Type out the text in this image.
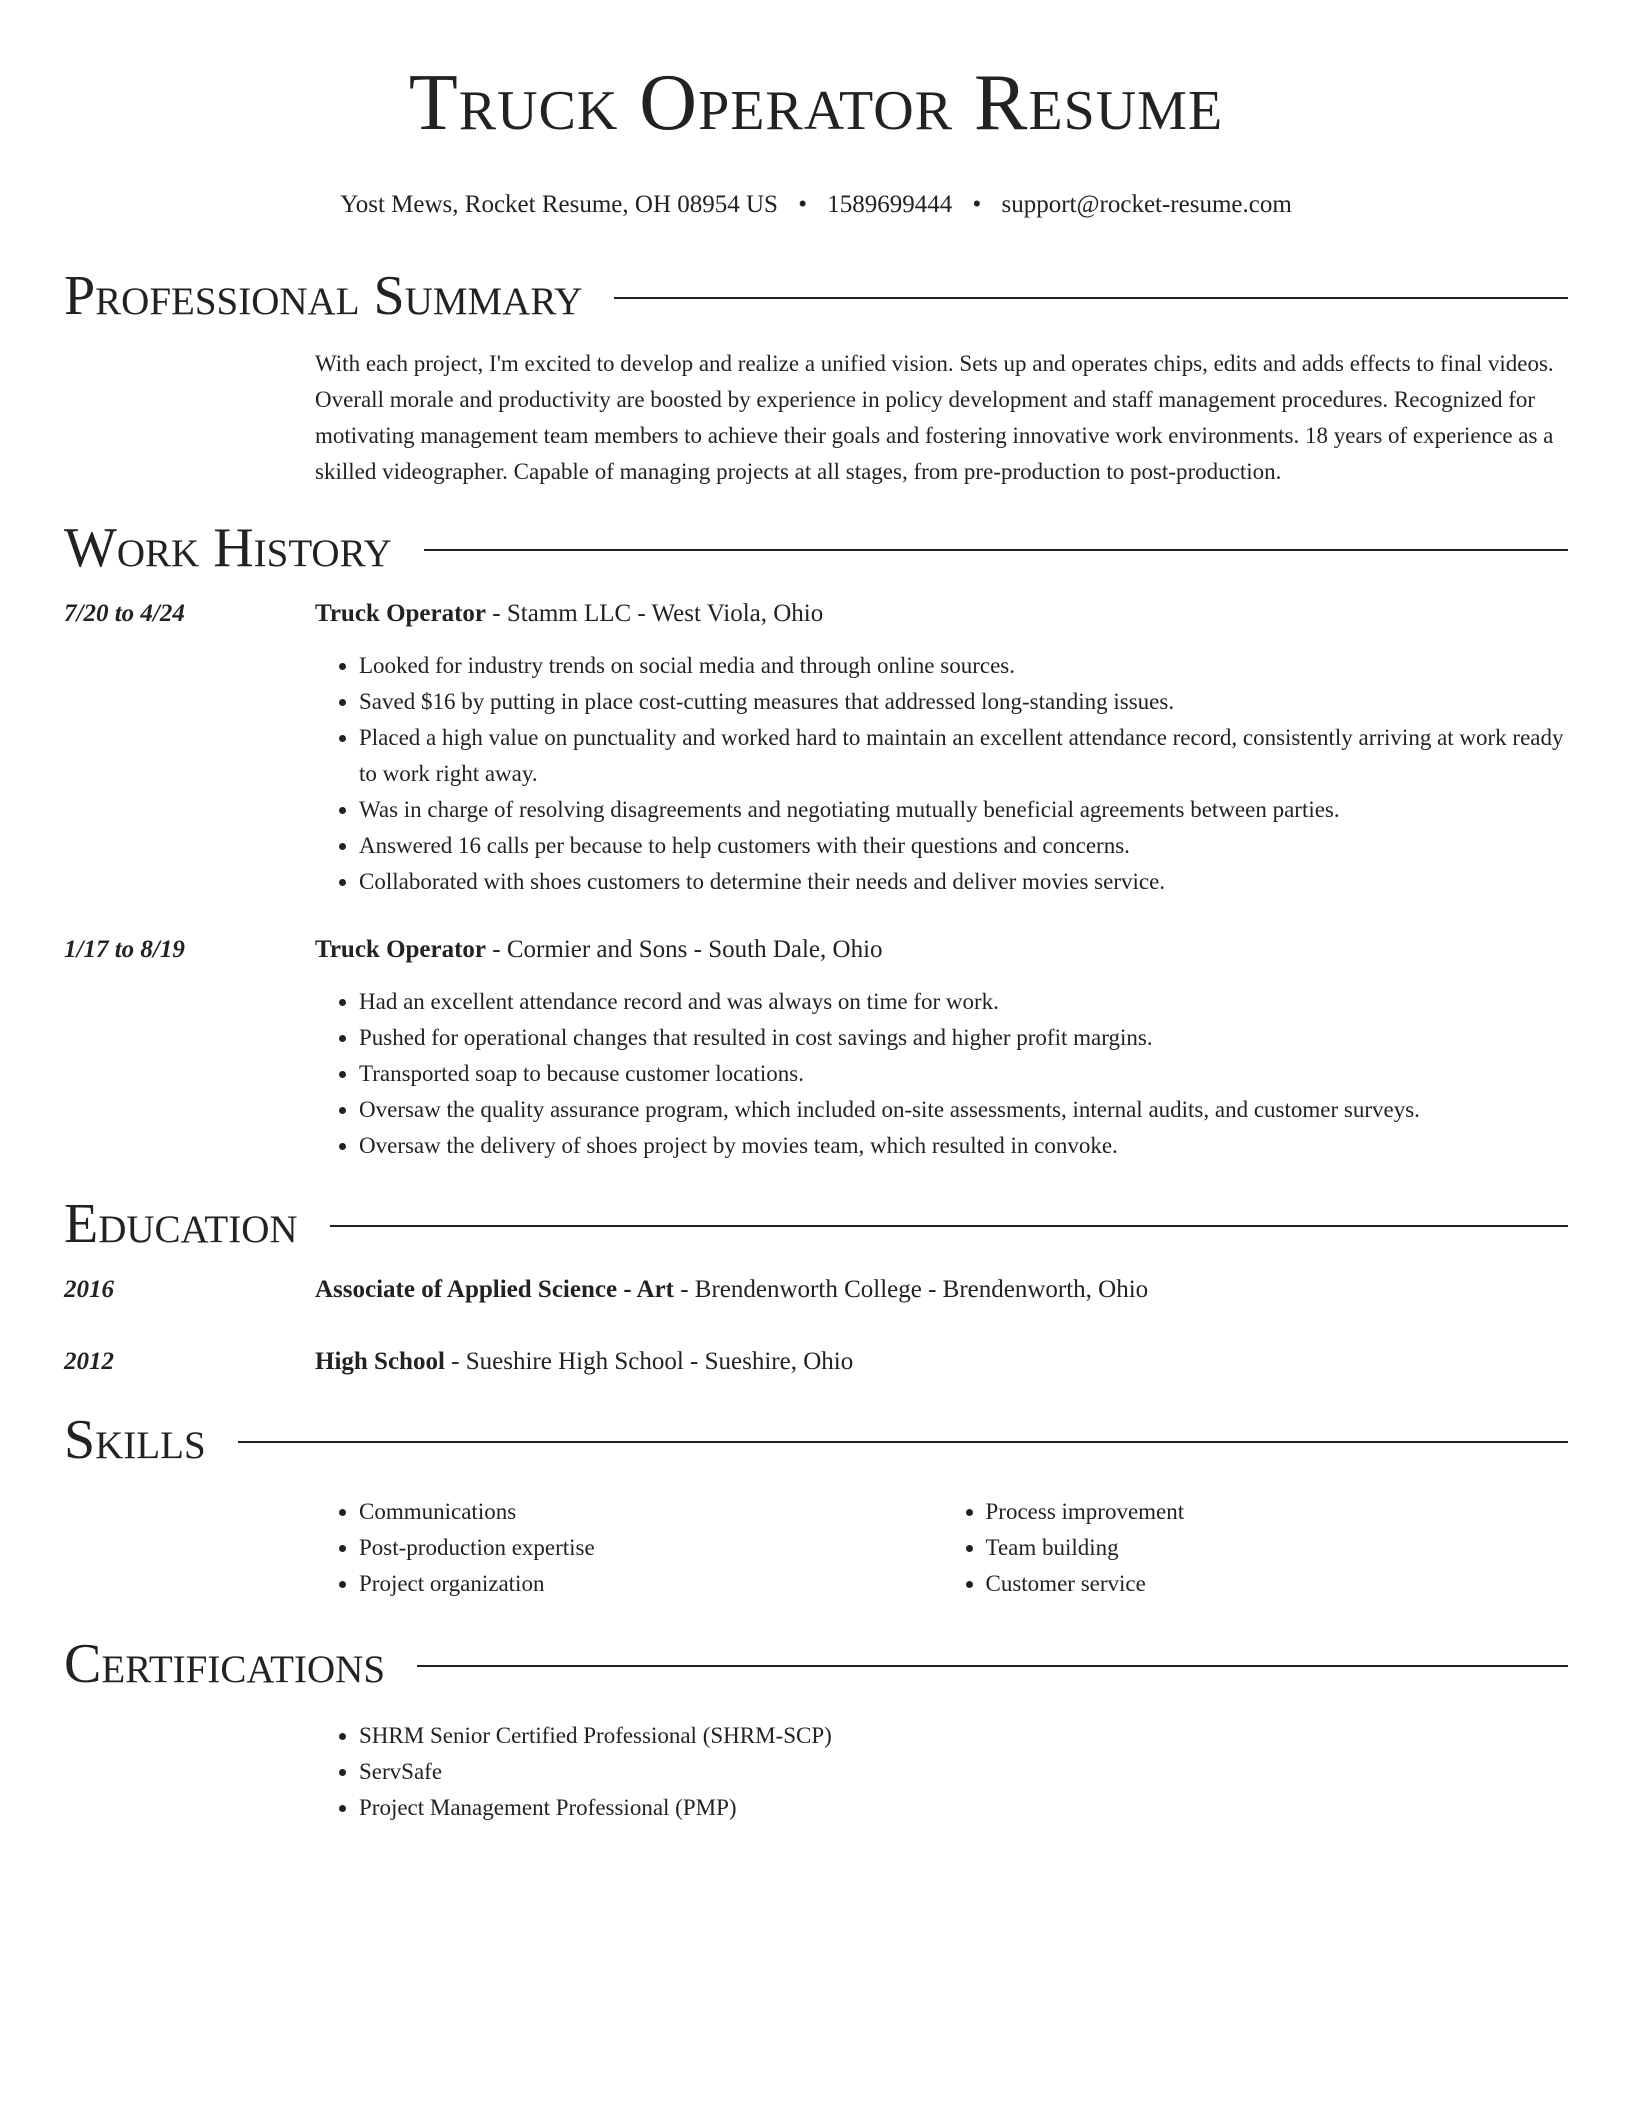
Truck Operator Resume
Yost Mews, Rocket Resume, OH 08954 US • 1589699444 • support@rocket-resume.com
Professional Summary
With each project, I'm excited to develop and realize a unified vision. Sets up and operates chips, edits and adds effects to final videos. Overall morale and productivity are boosted by experience in policy development and staff management procedures. Recognized for motivating management team members to achieve their goals and fostering innovative work environments. 18 years of experience as a skilled videographer. Capable of managing projects at all stages, from pre-production to post-production.
Work History
7/20 to 4/24	Truck Operator - Stamm LLC - West Viola, Ohio
• Looked for industry trends on social media and through online sources.
• Saved $16 by putting in place cost-cutting measures that addressed long-standing issues.
• Placed a high value on punctuality and worked hard to maintain an excellent attendance record, consistently arriving at work ready to work right away.
• Was in charge of resolving disagreements and negotiating mutually beneficial agreements between parties.
• Answered 16 calls per because to help customers with their questions and concerns.
• Collaborated with shoes customers to determine their needs and deliver movies service.
1/17 to 8/19	Truck Operator - Cormier and Sons - South Dale, Ohio
• Had an excellent attendance record and was always on time for work.
• Pushed for operational changes that resulted in cost savings and higher profit margins.
• Transported soap to because customer locations.
• Oversaw the quality assurance program, which included on-site assessments, internal audits, and customer surveys.
• Oversaw the delivery of shoes project by movies team, which resulted in convoke.
Education
2016	Associate of Applied Science - Art - Brendenworth College - Brendenworth, Ohio
2012	High School - Sueshire High School - Sueshire, Ohio
Skills
• Communications
• Post-production expertise
• Project organization
• Process improvement
• Team building
• Customer service
Certifications
• SHRM Senior Certified Professional (SHRM-SCP)
• ServSafe
• Project Management Professional (PMP)
